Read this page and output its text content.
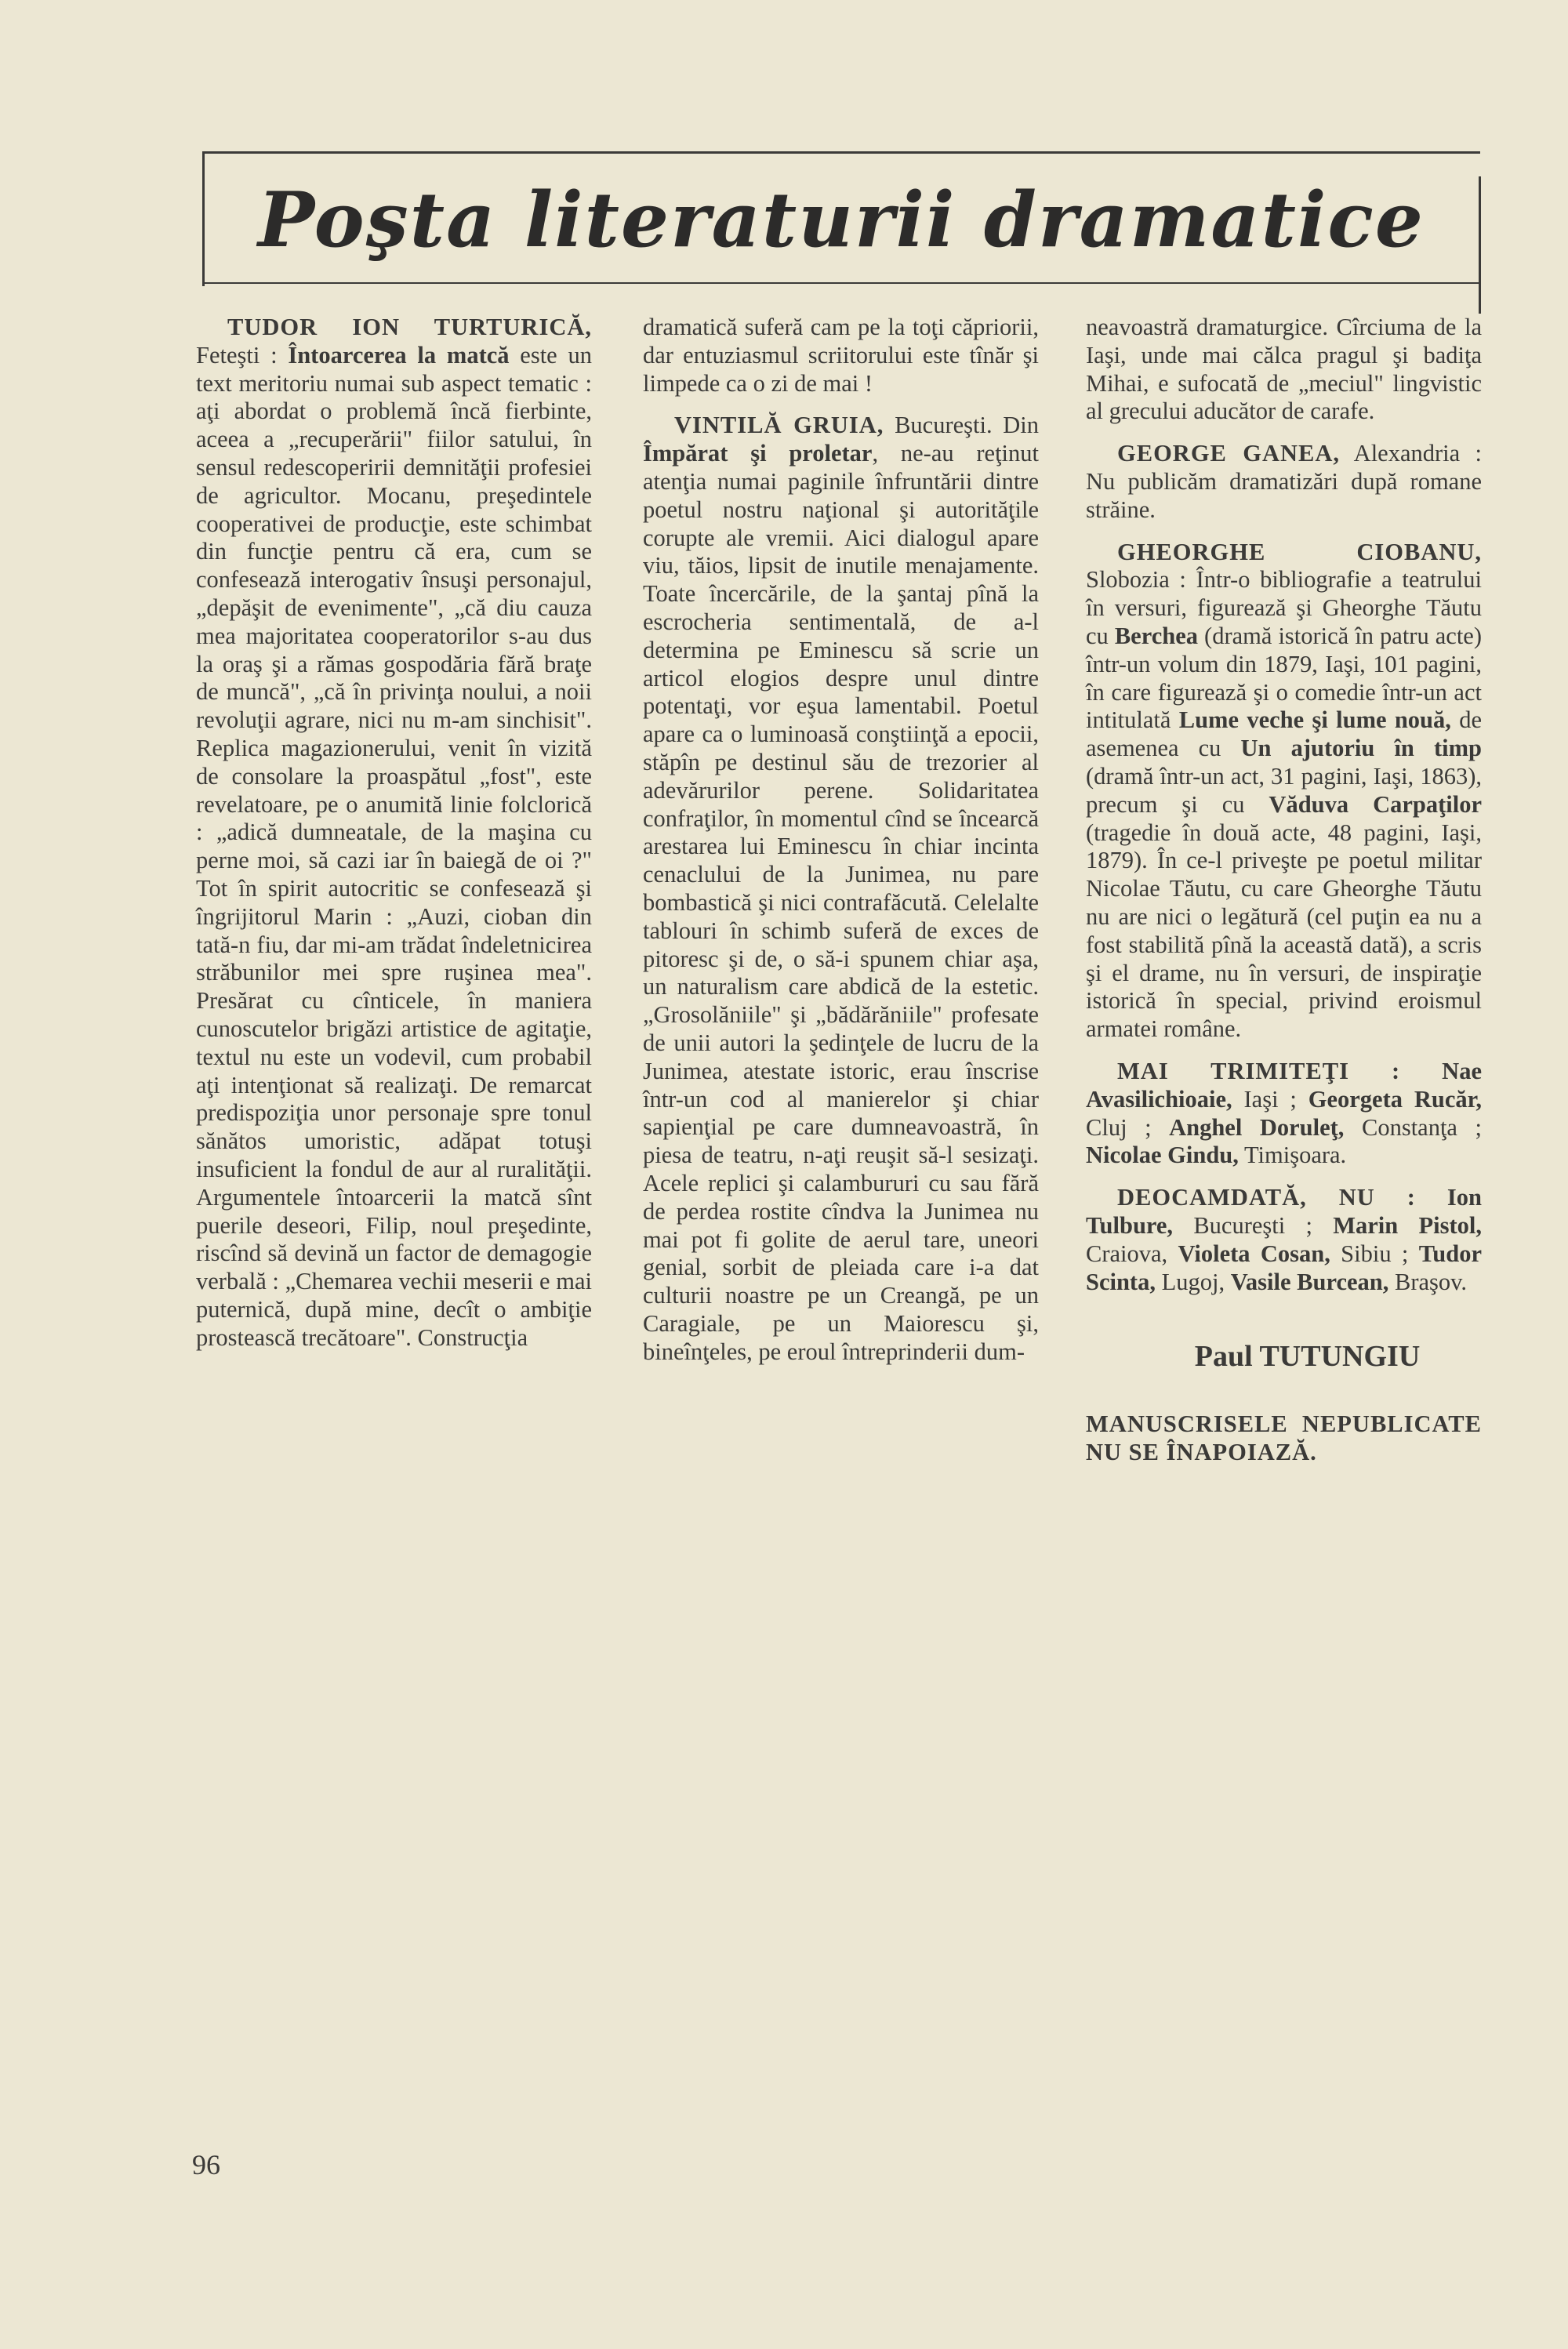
Poşta literaturii dramatice

TUDOR ION TURTURICĂ, Feteşti : Întoarcerea la matcă este un text meritoriu numai sub aspect tematic : aţi abordat o problemă încă fierbinte, aceea a „recuperării" fiilor satului, în sensul redescoperirii demnităţii profesiei de agricultor. Mocanu, preşedintele cooperativei de producţie, este schimbat din funcţie pentru că era, cum se confesează interogativ însuşi personajul, „depăşit de evenimente", „că diu cauza mea majoritatea cooperatorilor s-au dus la oraş şi a rămas gospodăria fără braţe de muncă", „că în privinţa noului, a noii revoluţii agrare, nici nu m-am sinchisit". Replica magazionerului, venit în vizită de consolare la proaspătul „fost", este revelatoare, pe o anumită linie folclorică : „adică dumneatale, de la maşina cu perne moi, să cazi iar în baiegă de oi ?" Tot în spirit autocritic se confesează şi îngrijitorul Marin : „Auzi, cioban din tată-n fiu, dar mi-am trădat îndeletnicirea străbunilor mei spre ruşinea mea". Presărat cu cînticele, în maniera cunoscutelor brigăzi artistice de agitaţie, textul nu este un vodevil, cum probabil aţi intenţionat să realizaţi. De remarcat predispoziţia unor personaje spre tonul sănătos umoristic, adăpat totuşi insuficient la fondul de aur al ruralităţii. Argumentele întoarcerii la matcă sînt puerile deseori, Filip, noul preşedinte, riscînd să devină un factor de demagogie verbală : „Chemarea vechii meserii e mai puternică, după mine, decît o ambiţie prostească trecătoare". Construcţia

dramatică suferă cam pe la toţi căpriorii, dar entuziasmul scriitorului este tînăr şi limpede ca o zi de mai !

VINTILĂ GRUIA, Bucureşti. Din Împărat şi proletar, ne-au reţinut atenţia numai paginile înfruntării dintre poetul nostru naţional şi autorităţile corupte ale vremii. Aici dialogul apare viu, tăios, lipsit de inutile menajamente. Toate încercările, de la şantaj pînă la escrocheria sentimentală, de a-l determina pe Eminescu să scrie un articol elogios despre unul dintre potentaţi, vor eşua lamentabil. Poetul apare ca o luminoasă conştiinţă a epocii, stăpîn pe destinul său de trezorier al adevărurilor perene. Solidaritatea confraţilor, în momentul cînd se încearcă arestarea lui Eminescu în chiar incinta cenaclului de la Junimea, nu pare bombastică şi nici contrafăcută. Celelalte tablouri în schimb suferă de exces de pitoresc şi de, o să-i spunem chiar aşa, un naturalism care abdică de la estetic. „Grosolăniile" şi „bădărăniile" profesate de unii autori la şedinţele de lucru de la Junimea, atestate istoric, erau înscrise într-un cod al manierelor şi chiar sapienţial pe care dumneavoastră, în piesa de teatru, n-aţi reuşit să-l sesizaţi. Acele replici şi calambururi cu sau fără de perdea rostite cîndva la Junimea nu mai pot fi golite de aerul tare, uneori genial, sorbit de pleiada care i-a dat culturii noastre pe un Creangă, pe un Caragiale, pe un Maiorescu şi, bineînţeles, pe eroul întreprinderii dum-

neavoastră dramaturgice. Cîrciuma de la Iaşi, unde mai călca pragul şi badiţa Mihai, e sufocată de „meciul" lingvistic al grecului aducător de carafe.

GEORGE GANEA, Alexandria : Nu publicăm dramatizări după romane străine.

GHEORGHE CIOBANU, Slobozia : Într-o bibliografie a teatrului în versuri, figurează şi Gheorghe Tăutu cu Berchea (dramă istorică în patru acte) într-un volum din 1879, Iaşi, 101 pagini, în care figurează şi o comedie într-un act intitulată Lume veche şi lume nouă, de asemenea cu Un ajutoriu în timp (dramă într-un act, 31 pagini, Iaşi, 1863), precum şi cu Văduva Carpaţilor (tragedie în două acte, 48 pagini, Iaşi, 1879). În ce-l priveşte pe poetul militar Nicolae Tăutu, cu care Gheorghe Tăutu nu are nici o legătură (cel puţin ea nu a fost stabilită pînă la această dată), a scris şi el drame, nu în versuri, de inspiraţie istorică în special, privind eroismul armatei române.

MAI TRIMITEŢI : Nae Avasilichioaie, Iaşi ; Georgeta Rucăr, Cluj ; Anghel Doruleţ, Constanţa ; Nicolae Gindu, Timişoara.

DEOCAMDATĂ, NU : Ion Tulbure, Bucureşti ; Marin Pistol, Craiova, Violeta Cosan, Sibiu ; Tudor Scinta, Lugoj, Vasile Burcean, Braşov.

Paul TUTUNGIU

MANUSCRISELE NEPUBLICATE NU SE ÎNAPOIAZĂ.

96
